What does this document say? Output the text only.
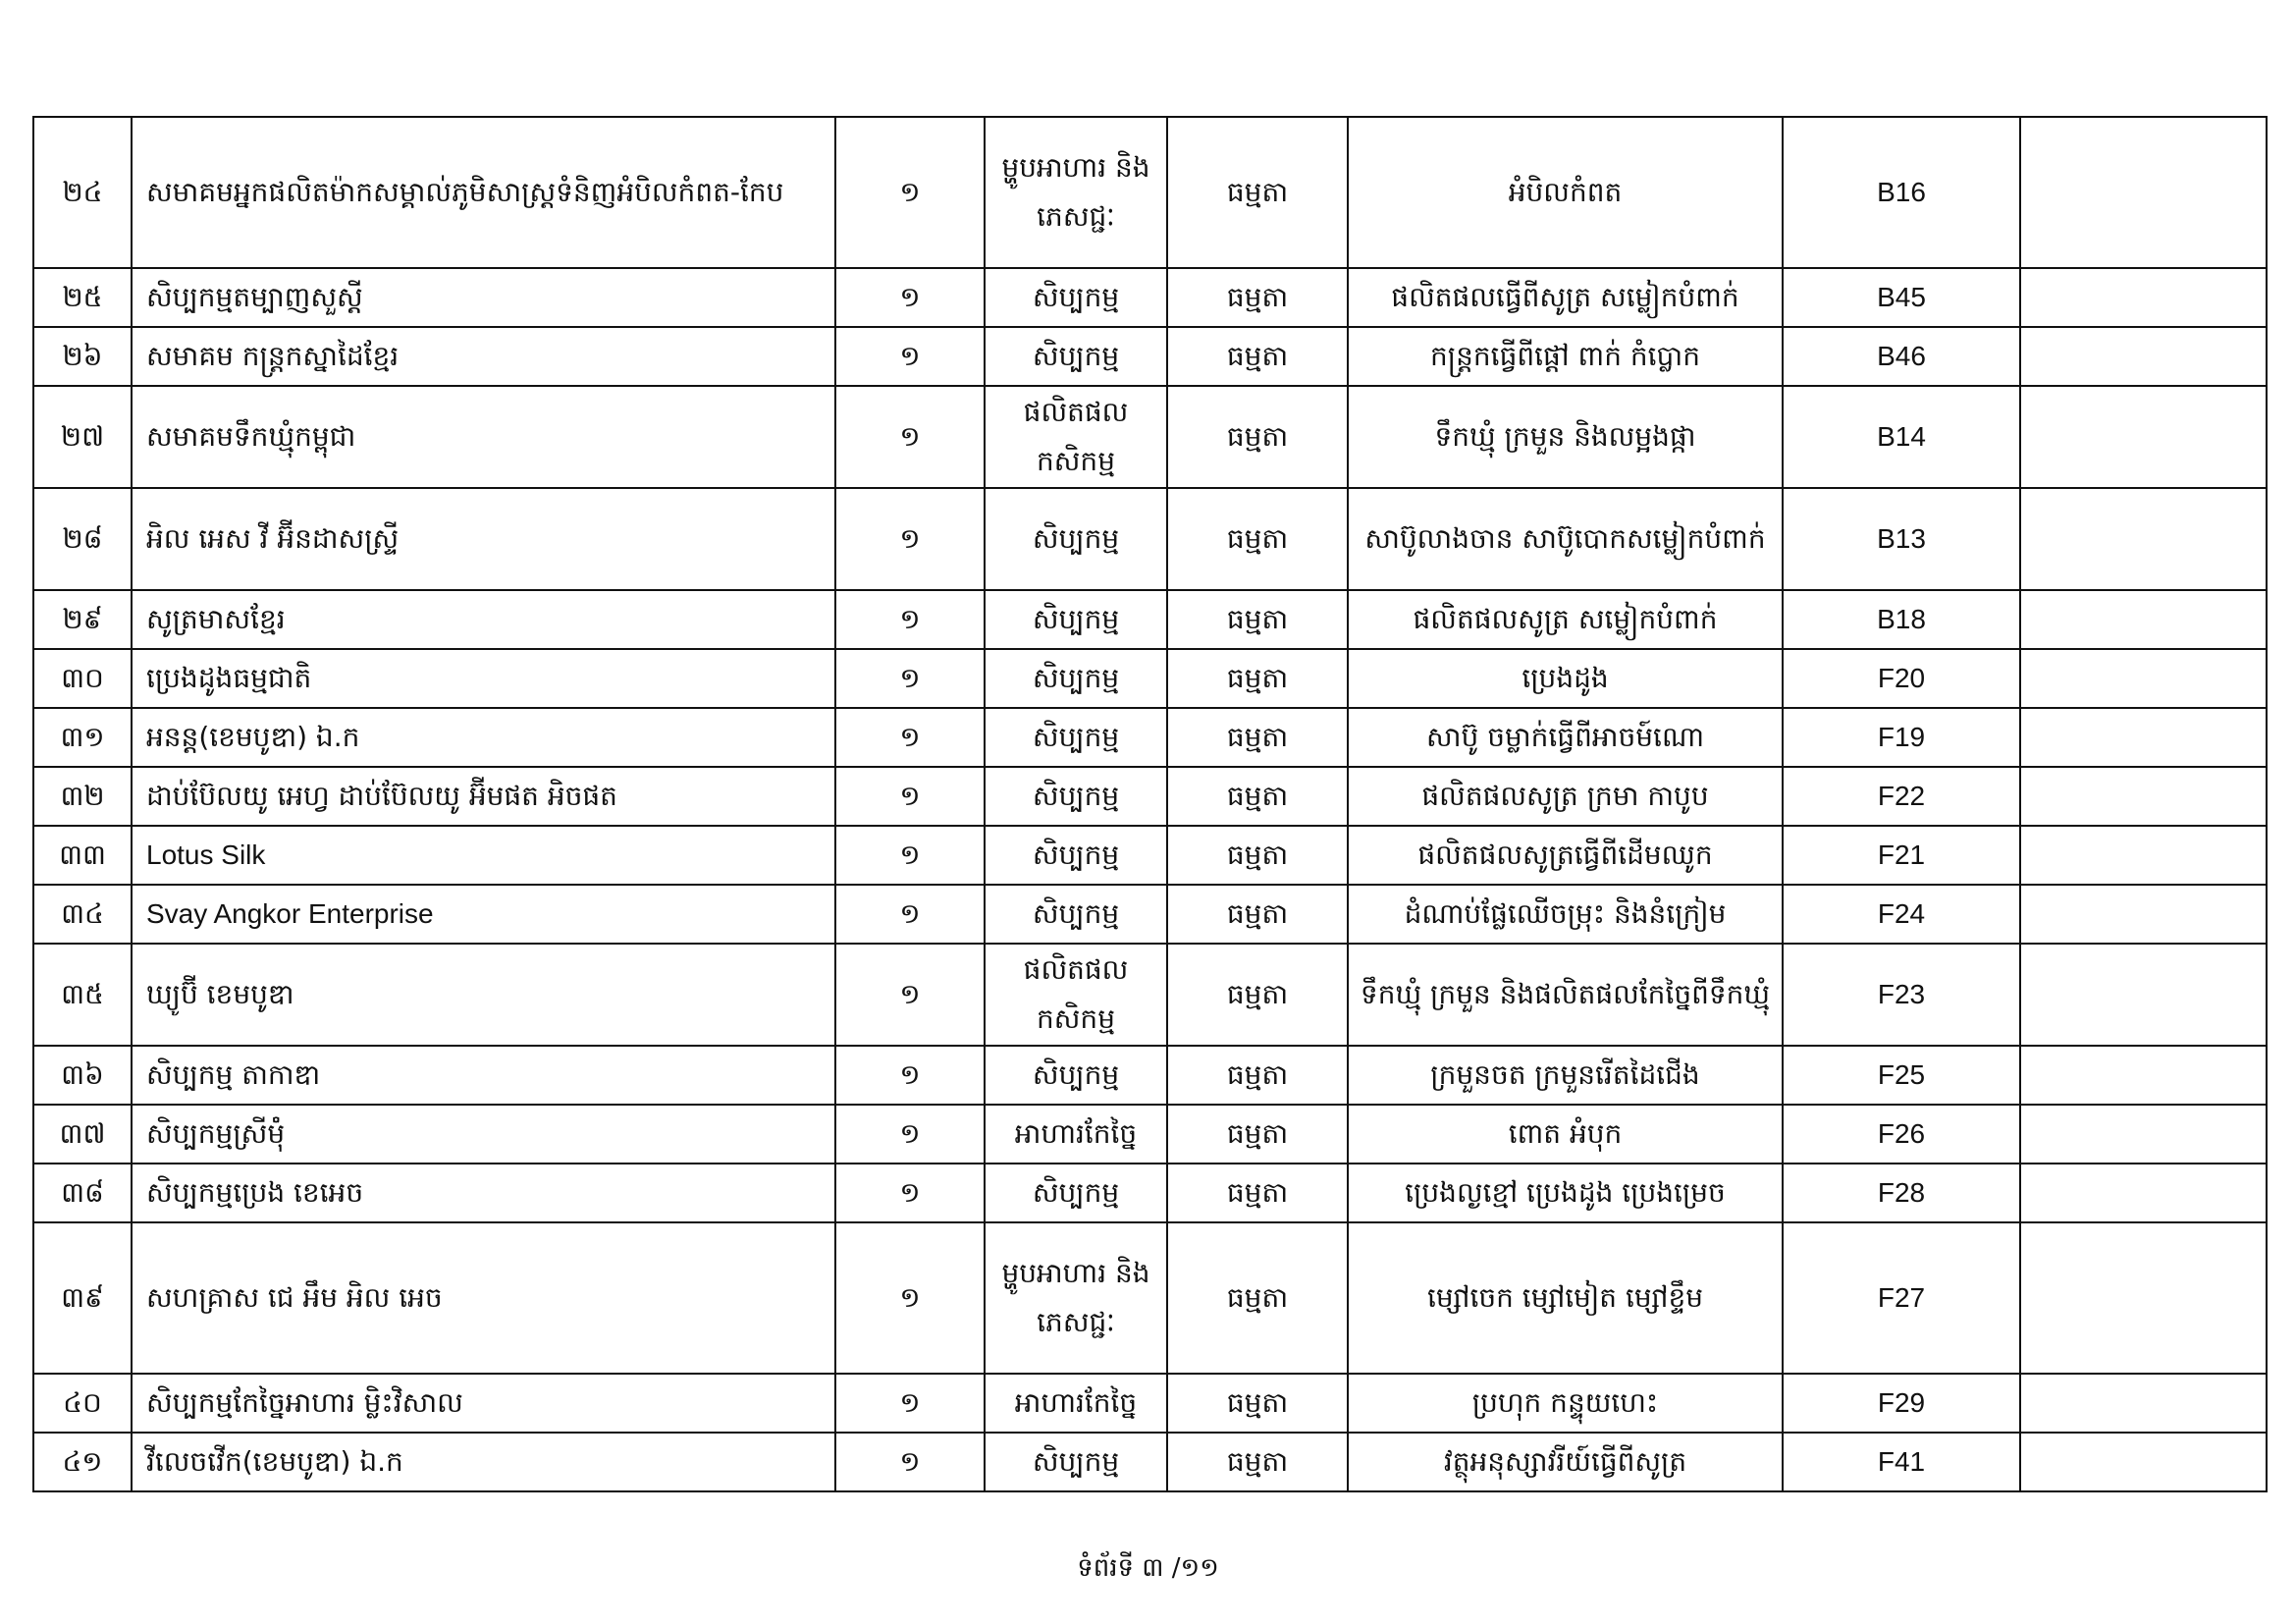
២៤	សមាគមអ្នកផលិតម៉ាកសម្គាល់ភូមិសាស្ត្រទំនិញអំបិលកំពត-កែប	១	ម្ហូបអាហារ និង ភេសជ្ជៈ	ធម្មតា	អំបិលកំពត	B16	
២៥	សិប្បកម្មតម្បាញសួស្តី	១	សិប្បកម្ម	ធម្មតា	ផលិតផលធ្វើពីសូត្រ សម្លៀកបំពាក់	B45	
២៦	សមាគម កន្ត្រកស្នាដៃខ្មែរ	១	សិប្បកម្ម	ធម្មតា	កន្ត្រកធ្វើពីផ្តៅ ពាក់ កំប្លោក	B46	
២៧	សមាគមទឹកឃ្មុំកម្ពុជា	១	ផលិតផល កសិកម្ម	ធម្មតា	ទឹកឃ្មុំ ក្រមួន និងលម្អងផ្កា	B14	
២៨	អិល អេស វី អ៊ីនដាសស្ទ្រី	១	សិប្បកម្ម	ធម្មតា	សាប៊ូលាងចាន សាប៊ូបោកសម្លៀកបំពាក់	B13	
២៩	សូត្រមាសខ្មែរ	១	សិប្បកម្ម	ធម្មតា	ផលិតផលសូត្រ សម្លៀកបំពាក់	B18	
៣០	ប្រេងដូងធម្មជាតិ	១	សិប្បកម្ម	ធម្មតា	ប្រេងដូង	F20	
៣១	អនន្ត(ខេមបូឌា) ឯ.ក	១	សិប្បកម្ម	ធម្មតា	សាប៊ូ ចម្លាក់ធ្វើពីអាចម៍ណោ	F19	
៣២	ដាប់ប៊ែលយូ អេហ្វ ដាប់ប៊ែលយូ អ៊ីមផត អិចផត	១	សិប្បកម្ម	ធម្មតា	ផលិតផលសូត្រ ក្រមា កាបូប	F22	
៣៣	Lotus Silk	១	សិប្បកម្ម	ធម្មតា	ផលិតផលសូត្រធ្វើពីដើមឈូក	F21	
៣៤	Svay Angkor Enterprise	១	សិប្បកម្ម	ធម្មតា	ដំណាប់ផ្លែឈើចម្រុះ និងនំក្រៀម	F24	
៣៥	ឃ្យូប៊ី ខេមបូឌា	១	ផលិតផល កសិកម្ម	ធម្មតា	ទឹកឃ្មុំ ក្រមួន និងផលិតផលកែច្នៃពីទឹកឃ្មុំ	F23	
៣៦	សិប្បកម្ម តាកាឌា	១	សិប្បកម្ម	ធម្មតា	ក្រមួនចត ក្រមួនរើតដៃជើង	F25	
៣៧	សិប្បកម្មស្រីម៉ុំ	១	អាហារកែច្នៃ	ធម្មតា	ពោត អំបុក	F26	
៣៨	សិប្បកម្មប្រេង ខេអេច	១	សិប្បកម្ម	ធម្មតា	ប្រេងល្ងខ្មៅ ប្រេងដូង ប្រេងម្រេច	F28	
៣៩	សហគ្រាស ជេ អឹម អិល អេច	១	ម្ហូបអាហារ និង ភេសជ្ជៈ	ធម្មតា	ម្សៅចេក ម្សៅមៀត ម្សៅខ្ទឹម	F27	
៤០	សិប្បកម្មកែច្នៃអាហារ ម្លិះវិសាល	១	អាហារកែច្នៃ	ធម្មតា	ប្រហុក កន្ទុយហេះ	F29	
៤១	វីលេចវើក(ខេមបូឌា) ឯ.ក	១	សិប្បកម្ម	ធម្មតា	វត្ថុអនុស្សាវរីយ៍ធ្វើពីសូត្រ	F41	
ទំព័រទី ៣ /១១
